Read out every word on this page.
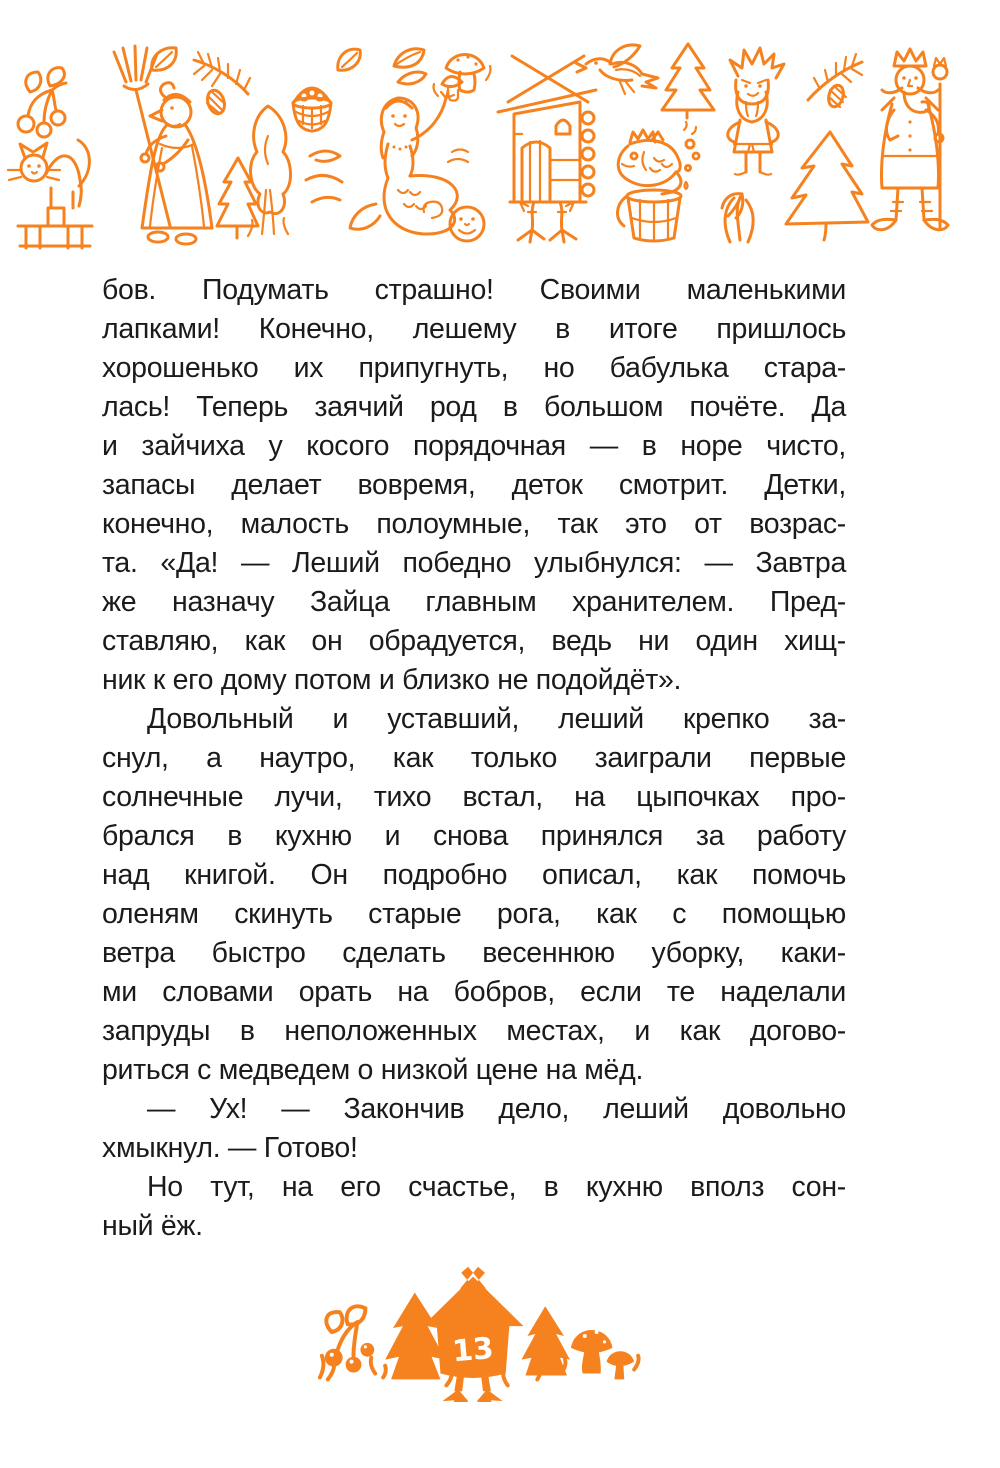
бов. Подумать страшно! Своими маленькими
лапками! Конечно, лешему в итоге пришлось
хорошенько их припугнуть, но бабулька стара-
лась! Теперь заячий род в большом почёте. Да
и зайчиха у косого порядочная — в норе чисто,
запасы делает вовремя, деток смотрит. Детки,
конечно, малость полоумные, так это от возрас-
та. «Да! — Леший победно улыбнулся: — Завтра
же назначу Зайца главным хранителем. Пред-
ставляю, как он обрадуется, ведь ни один хищ-
ник к его дому потом и близко не подойдёт».
Довольный и уставший, леший крепко за-
снул, а наутро, как только заиграли первые
солнечные лучи, тихо встал, на цыпочках про-
брался в кухню и снова принялся за работу
над книгой. Он подробно описал, как помочь
оленям скинуть старые рога, как с помощью
ветра быстро сделать весеннюю уборку, каки-
ми словами орать на бобров, если те наделали
запруды в неположенных местах, и как догово-
риться с медведем о низкой цене на мёд.
— Ух! — Закончив дело, леший довольно
хмыкнул. — Готово!
Но тут, на его счастье, в кухню вполз сон-
ный ёж.
13
